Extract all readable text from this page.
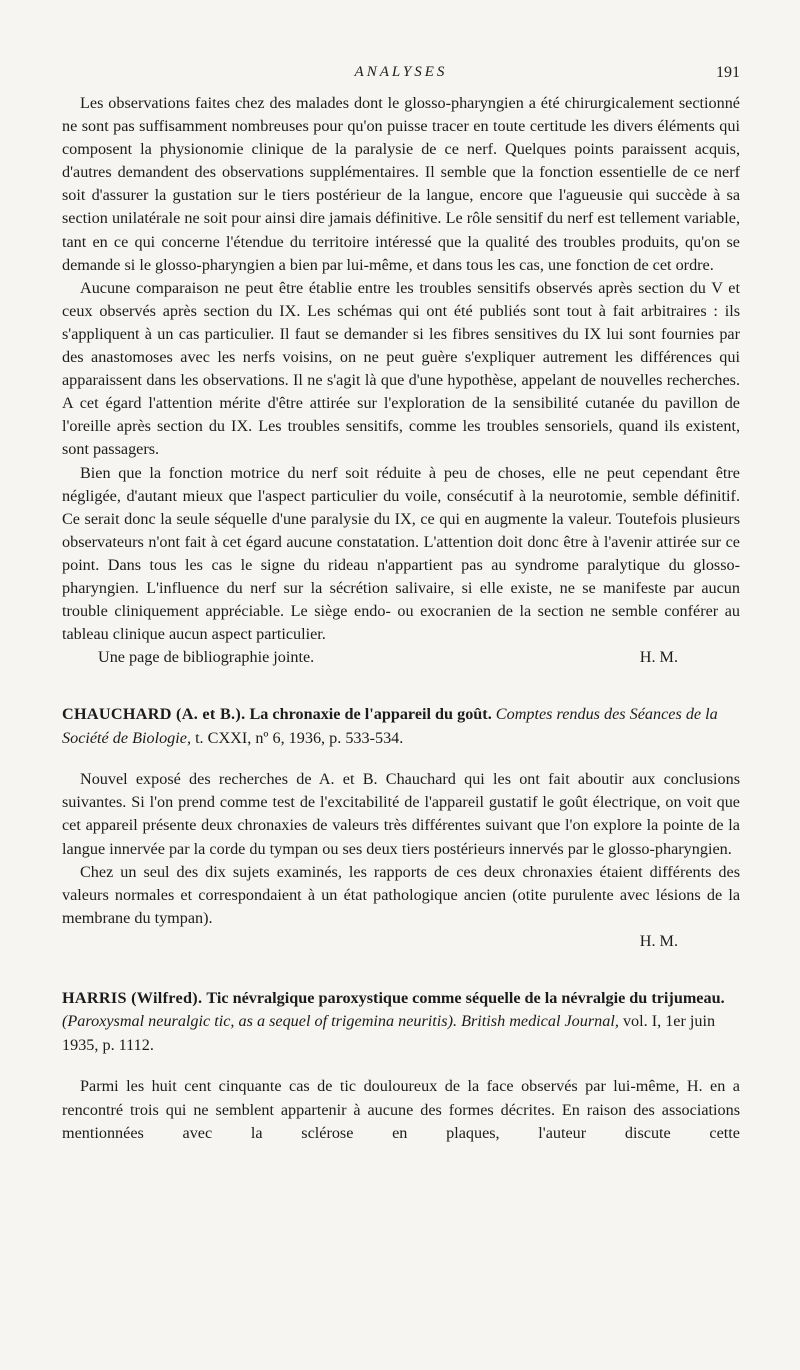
ANALYSES	191

Les observations faites chez des malades dont le glosso-pharyngien a été chirurgicalement sectionné ne sont pas suffisamment nombreuses pour qu'on puisse tracer en toute certitude les divers éléments qui composent la physionomie clinique de la paralysie de ce nerf. Quelques points paraissent acquis, d'autres demandent des observations supplémentaires. Il semble que la fonction essentielle de ce nerf soit d'assurer la gustation sur le tiers postérieur de la langue, encore que l'agueusie qui succède à sa section unilatérale ne soit pour ainsi dire jamais définitive. Le rôle sensitif du nerf est tellement variable, tant en ce qui concerne l'étendue du territoire intéressé que la qualité des troubles produits, qu'on se demande si le glosso-pharyngien a bien par lui-même, et dans tous les cas, une fonction de cet ordre.

Aucune comparaison ne peut être établie entre les troubles sensitifs observés après section du V et ceux observés après section du IX. Les schémas qui ont été publiés sont tout à fait arbitraires : ils s'appliquent à un cas particulier. Il faut se demander si les fibres sensitives du IX lui sont fournies par des anastomoses avec les nerfs voisins, on ne peut guère s'expliquer autrement les différences qui apparaissent dans les observations. Il ne s'agit là que d'une hypothèse, appelant de nouvelles recherches. A cet égard l'attention mérite d'être attirée sur l'exploration de la sensibilité cutanée du pavillon de l'oreille après section du IX. Les troubles sensitifs, comme les troubles sensoriels, quand ils existent, sont passagers.

Bien que la fonction motrice du nerf soit réduite à peu de choses, elle ne peut cependant être négligée, d'autant mieux que l'aspect particulier du voile, consécutif à la neurotomie, semble définitif. Ce serait donc la seule séquelle d'une paralysie du IX, ce qui en augmente la valeur. Toutefois plusieurs observateurs n'ont fait à cet égard aucune constatation. L'attention doit donc être à l'avenir attirée sur ce point. Dans tous les cas le signe du rideau n'appartient pas au syndrome paralytique du glosso-pharyngien. L'influence du nerf sur la sécrétion salivaire, si elle existe, ne se manifeste par aucun trouble cliniquement appréciable. Le siège endo- ou exocranien de la section ne semble conférer au tableau clinique aucun aspect particulier.

Une page de bibliographie jointe.	H. M.

CHAUCHARD (A. et B.). La chronaxie de l'appareil du goût. Comptes rendus des Séances de la Société de Biologie, t. CXXI, nº 6, 1936, p. 533-534.

Nouvel exposé des recherches de A. et B. Chauchard qui les ont fait aboutir aux conclusions suivantes. Si l'on prend comme test de l'excitabilité de l'appareil gustatif le goût électrique, on voit que cet appareil présente deux chronaxies de valeurs très différentes suivant que l'on explore la pointe de la langue innervée par la corde du tympan ou ses deux tiers postérieurs innervés par le glosso-pharyngien.

Chez un seul des dix sujets examinés, les rapports de ces deux chronaxies étaient différents des valeurs normales et correspondaient à un état pathologique ancien (otite purulente avec lésions de la membrane du tympan).

H. M.

HARRIS (Wilfred). Tic névralgique paroxystique comme séquelle de la névralgie du trijumeau. (Paroxysmal neuralgic tic, as a sequel of trigemina neuritis). British medical Journal, vol. I, 1er juin 1935, p. 1112.

Parmi les huit cent cinquante cas de tic douloureux de la face observés par lui-même, H. en a rencontré trois qui ne semblent appartenir à aucune des formes décrites. En raison des associations mentionnées avec la sclérose en plaques, l'auteur discute cette
